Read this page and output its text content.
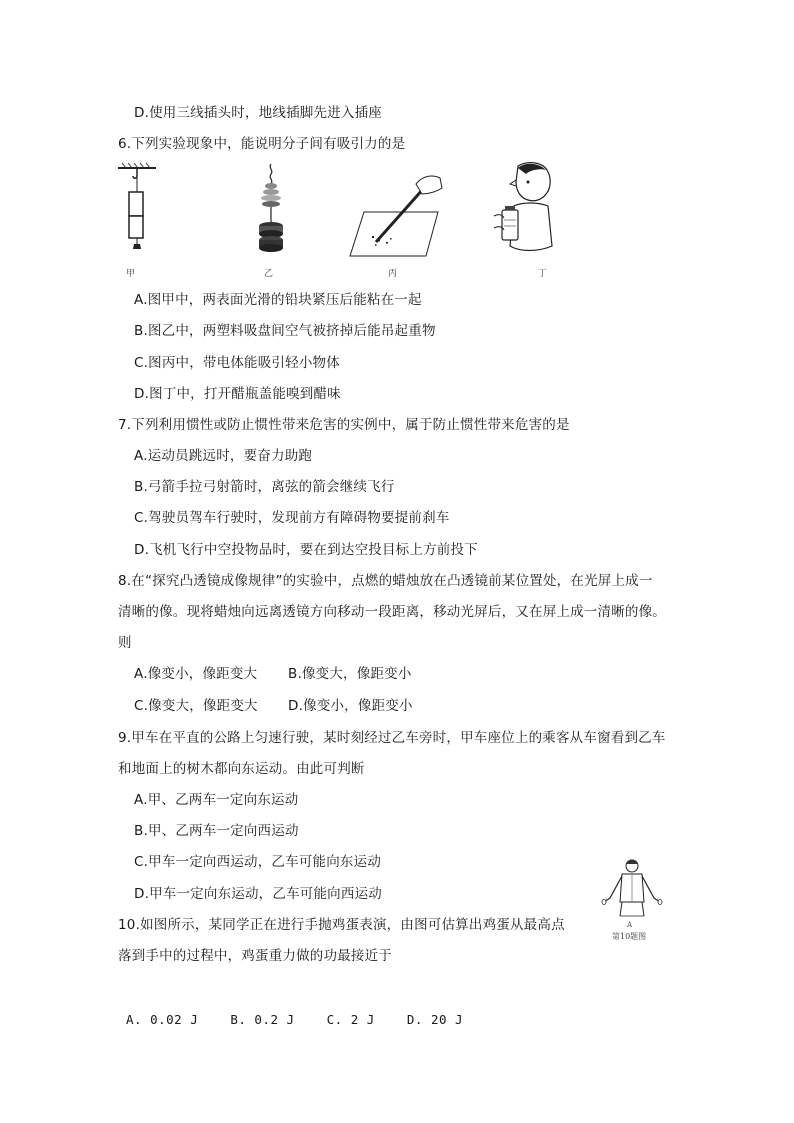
D.使用三线插头时，地线插脚先进入插座
6.下列实验现象中，能说明分子间有吸引力的是
甲	乙	丙	丁
A.图甲中，两表面光滑的铅块紧压后能粘在一起
B.图乙中，两塑料吸盘间空气被挤掉后能吊起重物
C.图丙中，带电体能吸引轻小物体
D.图丁中，打开醋瓶盖能嗅到醋味
7.下列利用惯性或防止惯性带来危害的实例中，属于防止惯性带来危害的是
A.运动员跳远时，要奋力助跑
B.弓箭手拉弓射箭时，离弦的箭会继续飞行
C.驾驶员驾车行驶时，发现前方有障碍物要提前刹车
D.飞机飞行中空投物品时，要在到达空投目标上方前投下
8.在“探究凸透镜成像规律”的实验中，点燃的蜡烛放在凸透镜前某位置处，在光屏上成一
清晰的像。现将蜡烛向远离透镜方向移动一段距离，移动光屏后，又在屏上成一清晰的像。
则
A.像变小，像距变大 B.像变大，像距变小
C.像变大，像距变大 D.像变小，像距变小
9.甲车在平直的公路上匀速行驶，某时刻经过乙车旁时，甲车座位上的乘客从车窗看到乙车
和地面上的树木都向东运动。由此可判断
A.甲、乙两车一定向东运动
B.甲、乙两车一定向西运动
C.甲车一定向西运动，乙车可能向东运动
D.甲车一定向东运动，乙车可能向西运动
A
第10题图
10.如图所示，某同学正在进行手抛鸡蛋表演，由图可估算出鸡蛋从最高点
落到手中的过程中，鸡蛋重力做的功最接近于
A. 0.02 J    B. 0.2 J    C. 2 J    D. 20 J
